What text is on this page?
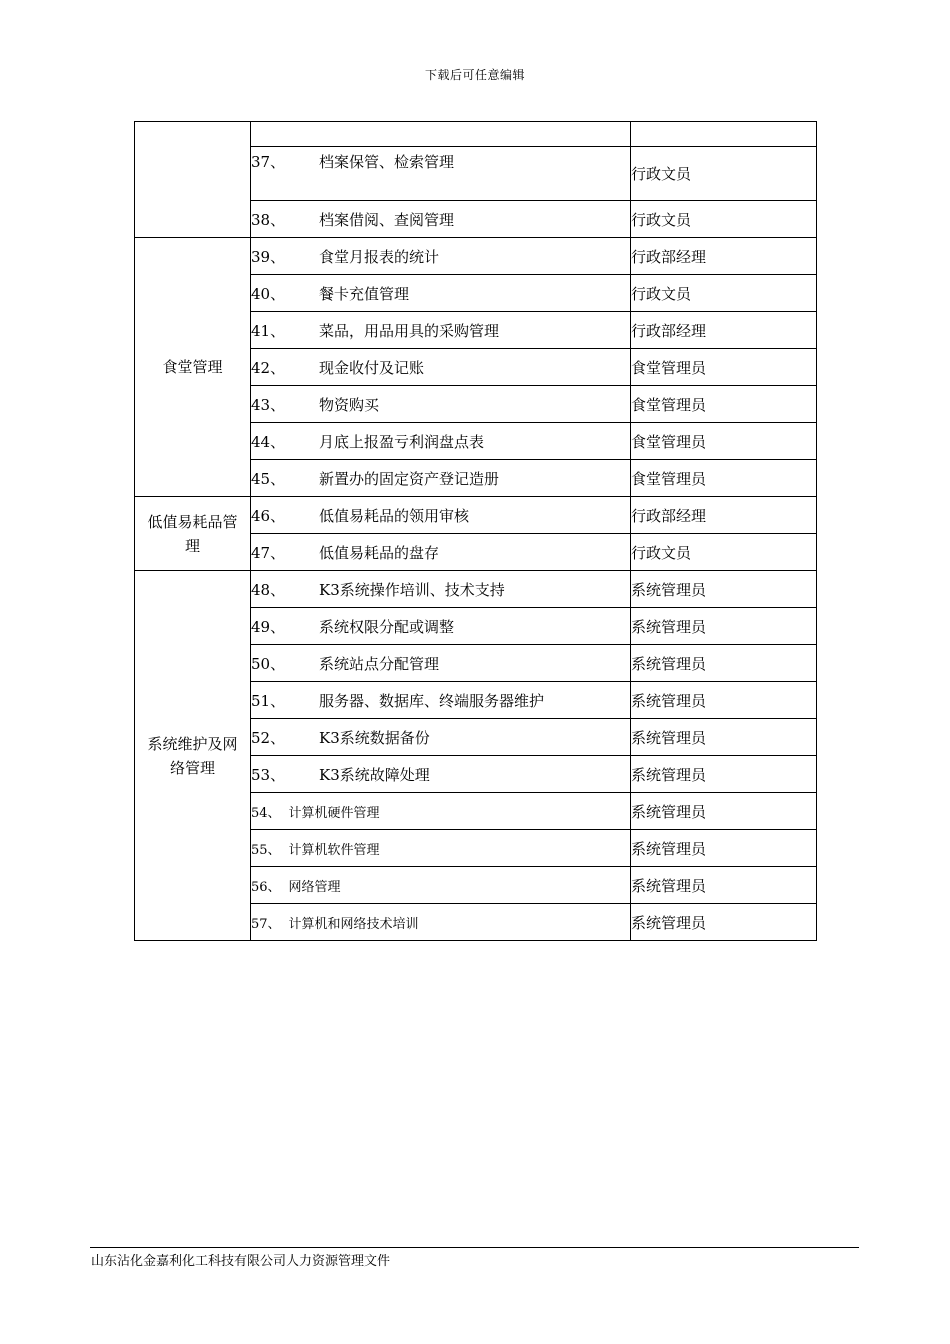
下载后可任意编辑

	37、 档案保管、检索管理	行政文员
	38、 档案借阅、查阅管理	行政文员
食堂管理	39、 食堂月报表的统计	行政部经理
	40、 餐卡充值管理	行政文员
	41、 菜品，用品用具的采购管理	行政部经理
	42、 现金收付及记账	食堂管理员
	43、 物资购买	食堂管理员
	44、 月底上报盈亏利润盘点表	食堂管理员
	45、 新置办的固定资产登记造册	食堂管理员
低值易耗品管理	46、 低值易耗品的领用审核	行政部经理
	47、 低值易耗品的盘存	行政文员
系统维护及网络管理	48、 K3系统操作培训、技术支持	系统管理员
	49、 系统权限分配或调整	系统管理员
	50、 系统站点分配管理	系统管理员
	51、 服务器、数据库、终端服务器维护	系统管理员
	52、 K3系统数据备份	系统管理员
	53、 K3系统故障处理	系统管理员
	54、 计算机硬件管理	系统管理员
	55、 计算机软件管理	系统管理员
	56、 网络管理	系统管理员
	57、 计算机和网络技术培训	系统管理员
山东沾化金嘉利化工科技有限公司人力资源管理文件
